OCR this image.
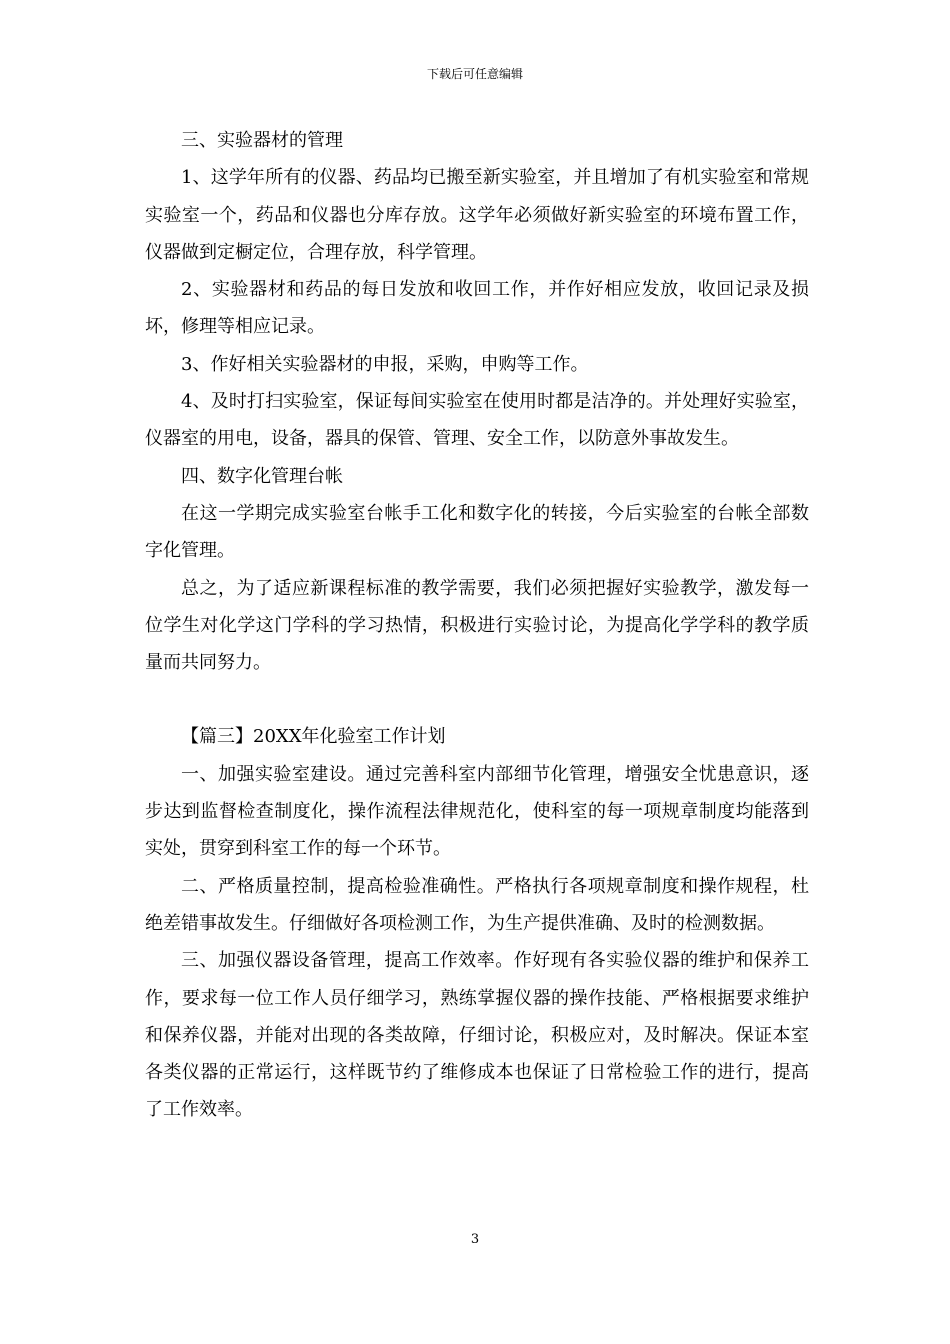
下载后可任意编辑

三、实验器材的管理

1、这学年所有的仪器、药品均已搬至新实验室，并且增加了有机实验室和常规实验室一个，药品和仪器也分库存放。这学年必须做好新实验室的环境布置工作，仪器做到定橱定位，合理存放，科学管理。

2、实验器材和药品的每日发放和收回工作，并作好相应发放，收回记录及损坏，修理等相应记录。

3、作好相关实验器材的申报，采购，申购等工作。

4、及时打扫实验室，保证每间实验室在使用时都是洁净的。并处理好实验室，仪器室的用电，设备，器具的保管、管理、安全工作，以防意外事故发生。

四、数字化管理台帐

在这一学期完成实验室台帐手工化和数字化的转接，今后实验室的台帐全部数字化管理。

总之，为了适应新课程标准的教学需要，我们必须把握好实验教学，激发每一位学生对化学这门学科的学习热情，积极进行实验讨论，为提高化学学科的教学质量而共同努力。

【篇三】20XX年化验室工作计划

一、加强实验室建设。通过完善科室内部细节化管理，增强安全忧患意识，逐步达到监督检查制度化，操作流程法律规范化，使科室的每一项规章制度均能落到实处，贯穿到科室工作的每一个环节。

二、严格质量控制，提高检验准确性。严格执行各项规章制度和操作规程，杜绝差错事故发生。仔细做好各项检测工作，为生产提供准确、及时的检测数据。

三、加强仪器设备管理，提高工作效率。作好现有各实验仪器的维护和保养工作，要求每一位工作人员仔细学习，熟练掌握仪器的操作技能、严格根据要求维护和保养仪器，并能对出现的各类故障，仔细讨论，积极应对，及时解决。保证本室各类仪器的正常运行，这样既节约了维修成本也保证了日常检验工作的进行，提高了工作效率。

3
